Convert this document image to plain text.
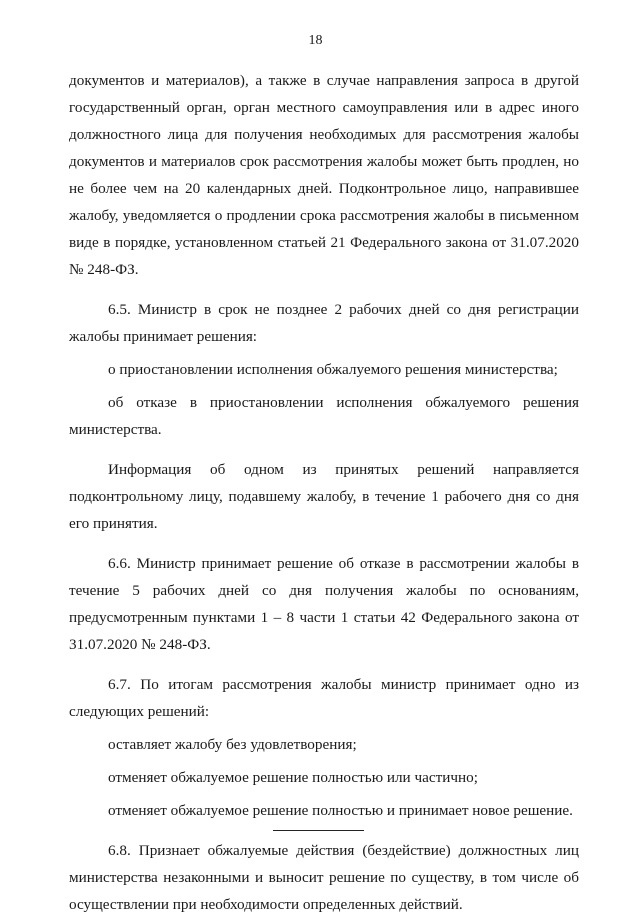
18

документов и материалов), а также в случае направления запроса в другой государственный орган, орган местного самоуправления или в адрес иного должностного лица для получения необходимых для рассмотрения жалобы документов и материалов срок рассмотрения жалобы может быть продлен, но не более чем на 20 календарных дней. Подконтрольное лицо, направившее жалобу, уведомляется о продлении срока рассмотрения жалобы в письменном виде в порядке, установленном статьей 21 Федерального закона от 31.07.2020 № 248-ФЗ.

6.5. Министр в срок не позднее 2 рабочих дней со дня регистрации жалобы принимает решения:

о приостановлении исполнения обжалуемого решения министерства;

об отказе в приостановлении исполнения обжалуемого решения министерства.

Информация об одном из принятых решений направляется подконтрольному лицу, подавшему жалобу, в течение 1 рабочего дня со дня его принятия.

6.6. Министр принимает решение об отказе в рассмотрении жалобы в течение 5 рабочих дней со дня получения жалобы по основаниям, предусмотренным пунктами 1 – 8 части 1 статьи 42 Федерального закона от 31.07.2020 № 248-ФЗ.

6.7. По итогам рассмотрения жалобы министр принимает одно из следующих решений:

оставляет жалобу без удовлетворения;

отменяет обжалуемое решение полностью или частично;

отменяет обжалуемое решение полностью и принимает новое решение.

6.8. Признает обжалуемые действия (бездействие) должностных лиц министерства незаконными и выносит решение по существу, в том числе об осуществлении при необходимости определенных действий.
